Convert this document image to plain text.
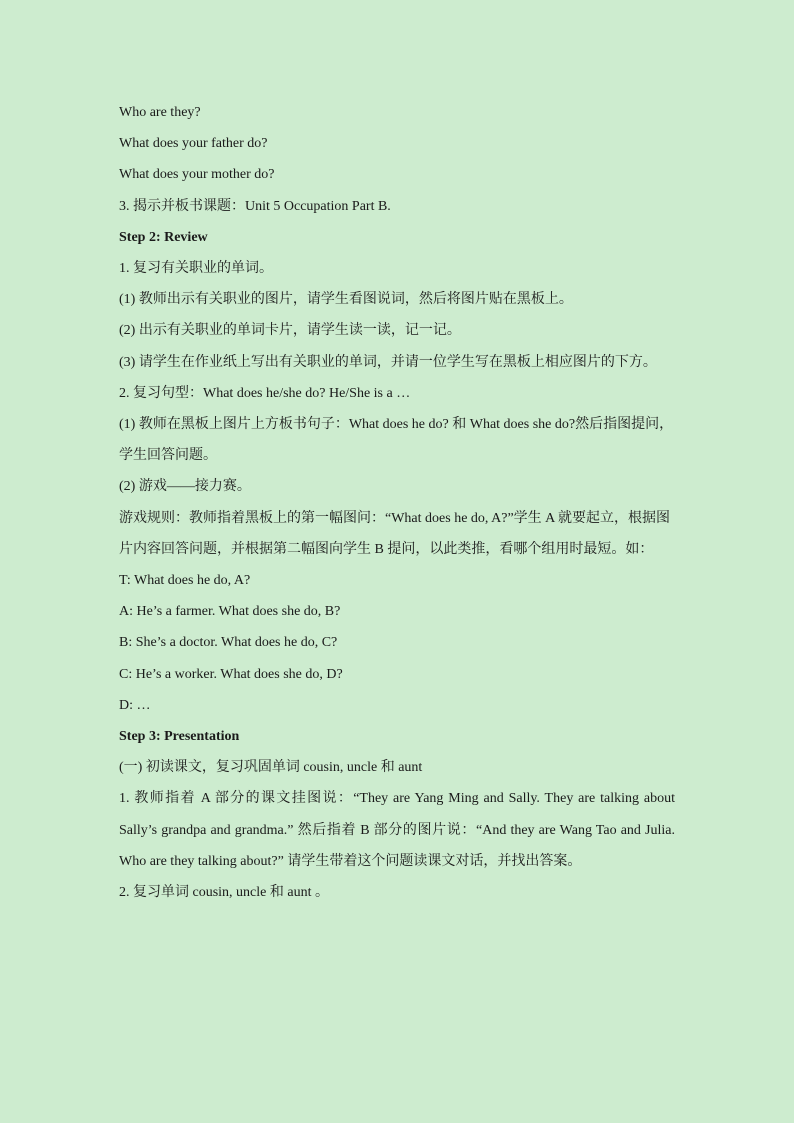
Who are they?
What does your father do?
What does your mother do?
3. 揭示并板书课题：Unit 5 Occupation Part B.
Step 2: Review
1. 复习有关职业的单词。
(1) 教师出示有关职业的图片，请学生看图说词，然后将图片贴在黑板上。
(2) 出示有关职业的单词卡片，请学生读一读，记一记。
(3) 请学生在作业纸上写出有关职业的单词，并请一位学生写在黑板上相应图片的下方。
2. 复习句型：What does he/she do? He/She is a …
(1) 教师在黑板上图片上方板书句子：What does he do? 和 What does she do?然后指图提问，学生回答问题。
(2) 游戏——接力赛。
游戏规则：教师指着黑板上的第一幅图问：“What does he do, A?”学生 A 就要起立，根据图片内容回答问题，并根据第二幅图向学生 B 提问，以此类推，看哪个组用时最短。如：
T: What does he do, A?
A: He’s a farmer. What does she do, B?
B: She’s a doctor. What does he do, C?
C: He’s a worker. What does she do, D?
D: …
Step 3: Presentation
(一) 初读课文，复习巩固单词 cousin, uncle 和 aunt
1. 教师指着 A 部分的课文挂图说：“They are Yang Ming and Sally. They are talking about Sally’s grandpa and grandma.” 然后指着 B 部分的图片说：“And they are Wang Tao and Julia. Who are they talking about?” 请学生带着这个问题读课文对话，并找出答案。
2. 复习单词 cousin, uncle 和 aunt 。
